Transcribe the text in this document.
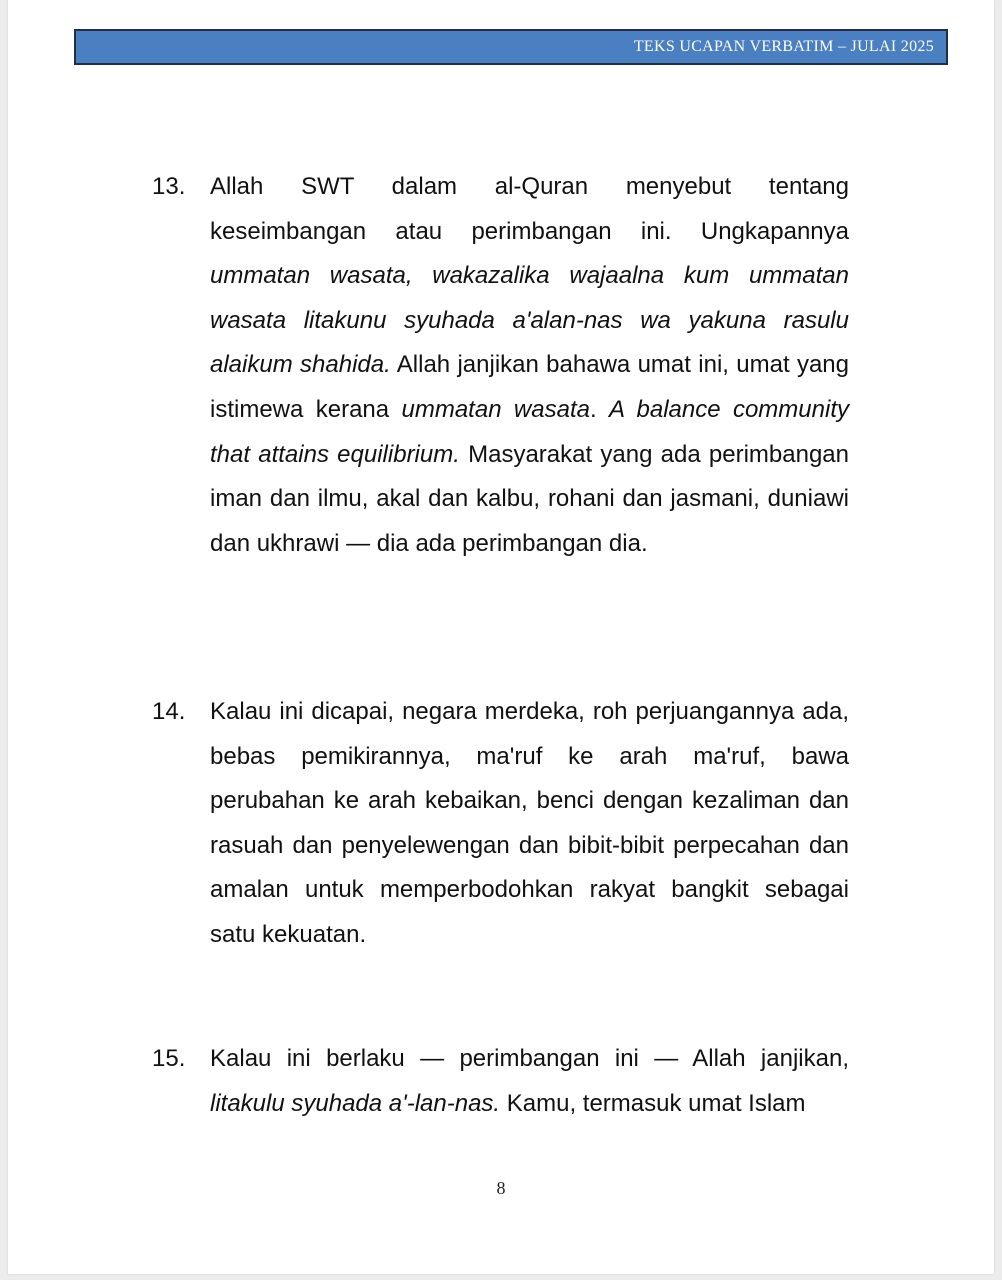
TEKS UCAPAN VERBATIM – JULAI 2025
13. Allah SWT dalam al-Quran menyebut tentang keseimbangan atau perimbangan ini. Ungkapannya ummatan wasata, wakazalika wajaalna kum ummatan wasata litakunu syuhada a'alan-nas wa yakuna rasulu alaikum shahida. Allah janjikan bahawa umat ini, umat yang istimewa kerana ummatan wasata. A balance community that attains equilibrium. Masyarakat yang ada perimbangan iman dan ilmu, akal dan kalbu, rohani dan jasmani, duniawi dan ukhrawi — dia ada perimbangan dia.
14. Kalau ini dicapai, negara merdeka, roh perjuangannya ada, bebas pemikirannya, ma'ruf ke arah ma'ruf, bawa perubahan ke arah kebaikan, benci dengan kezaliman dan rasuah dan penyelewengan dan bibit-bibit perpecahan dan amalan untuk memperbodohkan rakyat bangkit sebagai satu kekuatan.
15. Kalau ini berlaku — perimbangan ini — Allah janjikan, litakulu syuhada a'-lan-nas. Kamu, termasuk umat Islam
8
